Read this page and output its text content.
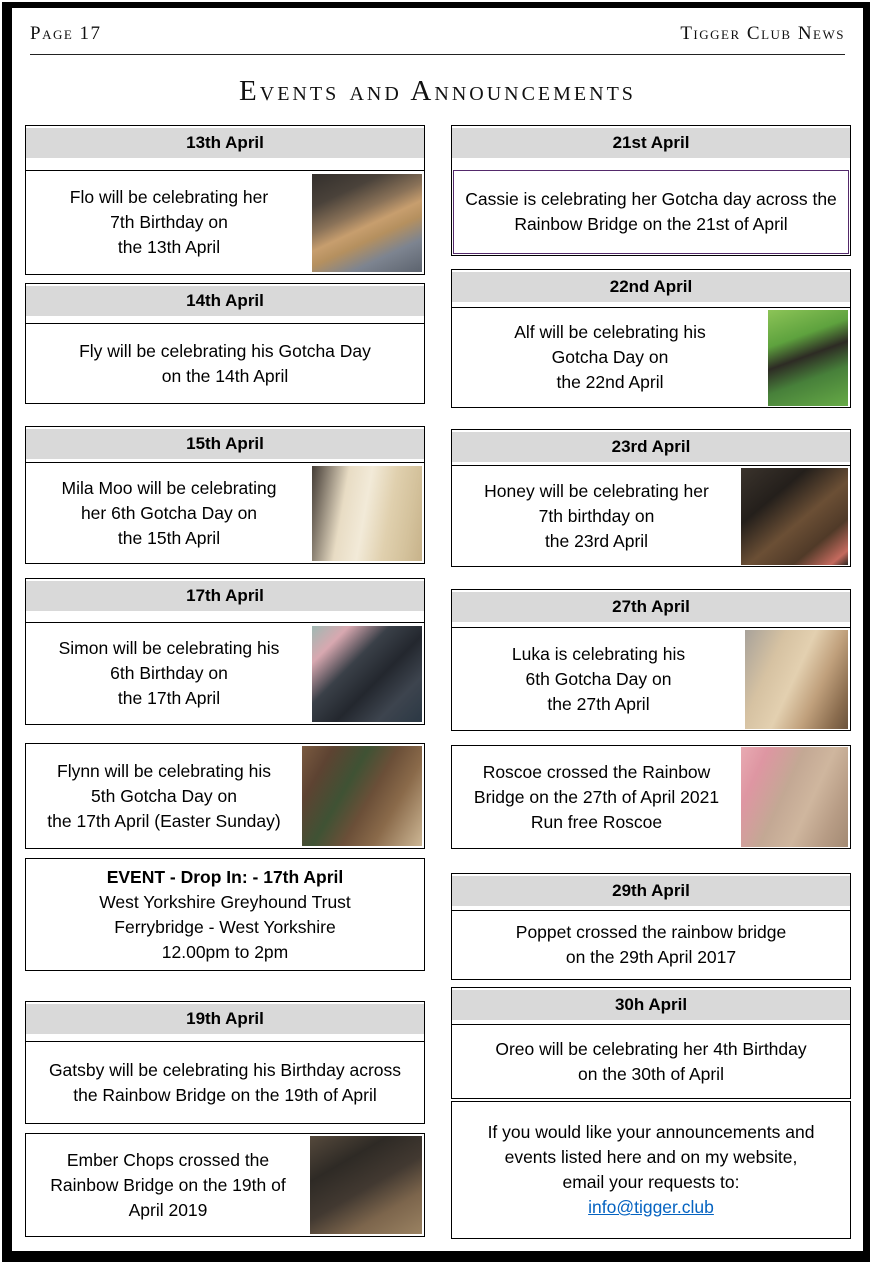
Page 17	Tigger Club News
Events and Announcements
13th April
Flo will be celebrating her
7th Birthday on
the 13th April
14th April
Fly will be celebrating his Gotcha Day
on the 14th April
15th April
Mila Moo will be celebrating
her 6th Gotcha Day on
the 15th April
17th April
Simon will be celebrating his
6th Birthday on
the 17th April
Flynn will be celebrating his
5th Gotcha Day on
the 17th April (Easter Sunday)
EVENT - Drop In: - 17th April
West Yorkshire Greyhound Trust
Ferrybridge - West Yorkshire
12.00pm to 2pm
19th April
Gatsby will be celebrating his Birthday across
the Rainbow Bridge on the 19th of April
Ember Chops crossed the
Rainbow Bridge on the 19th of
April 2019
21st April
Cassie is celebrating her Gotcha day across the
Rainbow Bridge on the 21st of April
22nd April
Alf will be celebrating his
Gotcha Day on
the 22nd April
23rd April
Honey will be celebrating her
7th birthday on
the 23rd April
27th April
Luka is celebrating his
6th Gotcha Day on
the 27th April
Roscoe crossed the Rainbow
Bridge on the 27th of April 2021
Run free Roscoe
29th April
Poppet crossed the rainbow bridge
on the 29th April 2017
30h April
Oreo will be celebrating her 4th Birthday
on the 30th of April
If you would like your announcements and
events listed here and on my website,
email your requests to:
info@tigger.club
